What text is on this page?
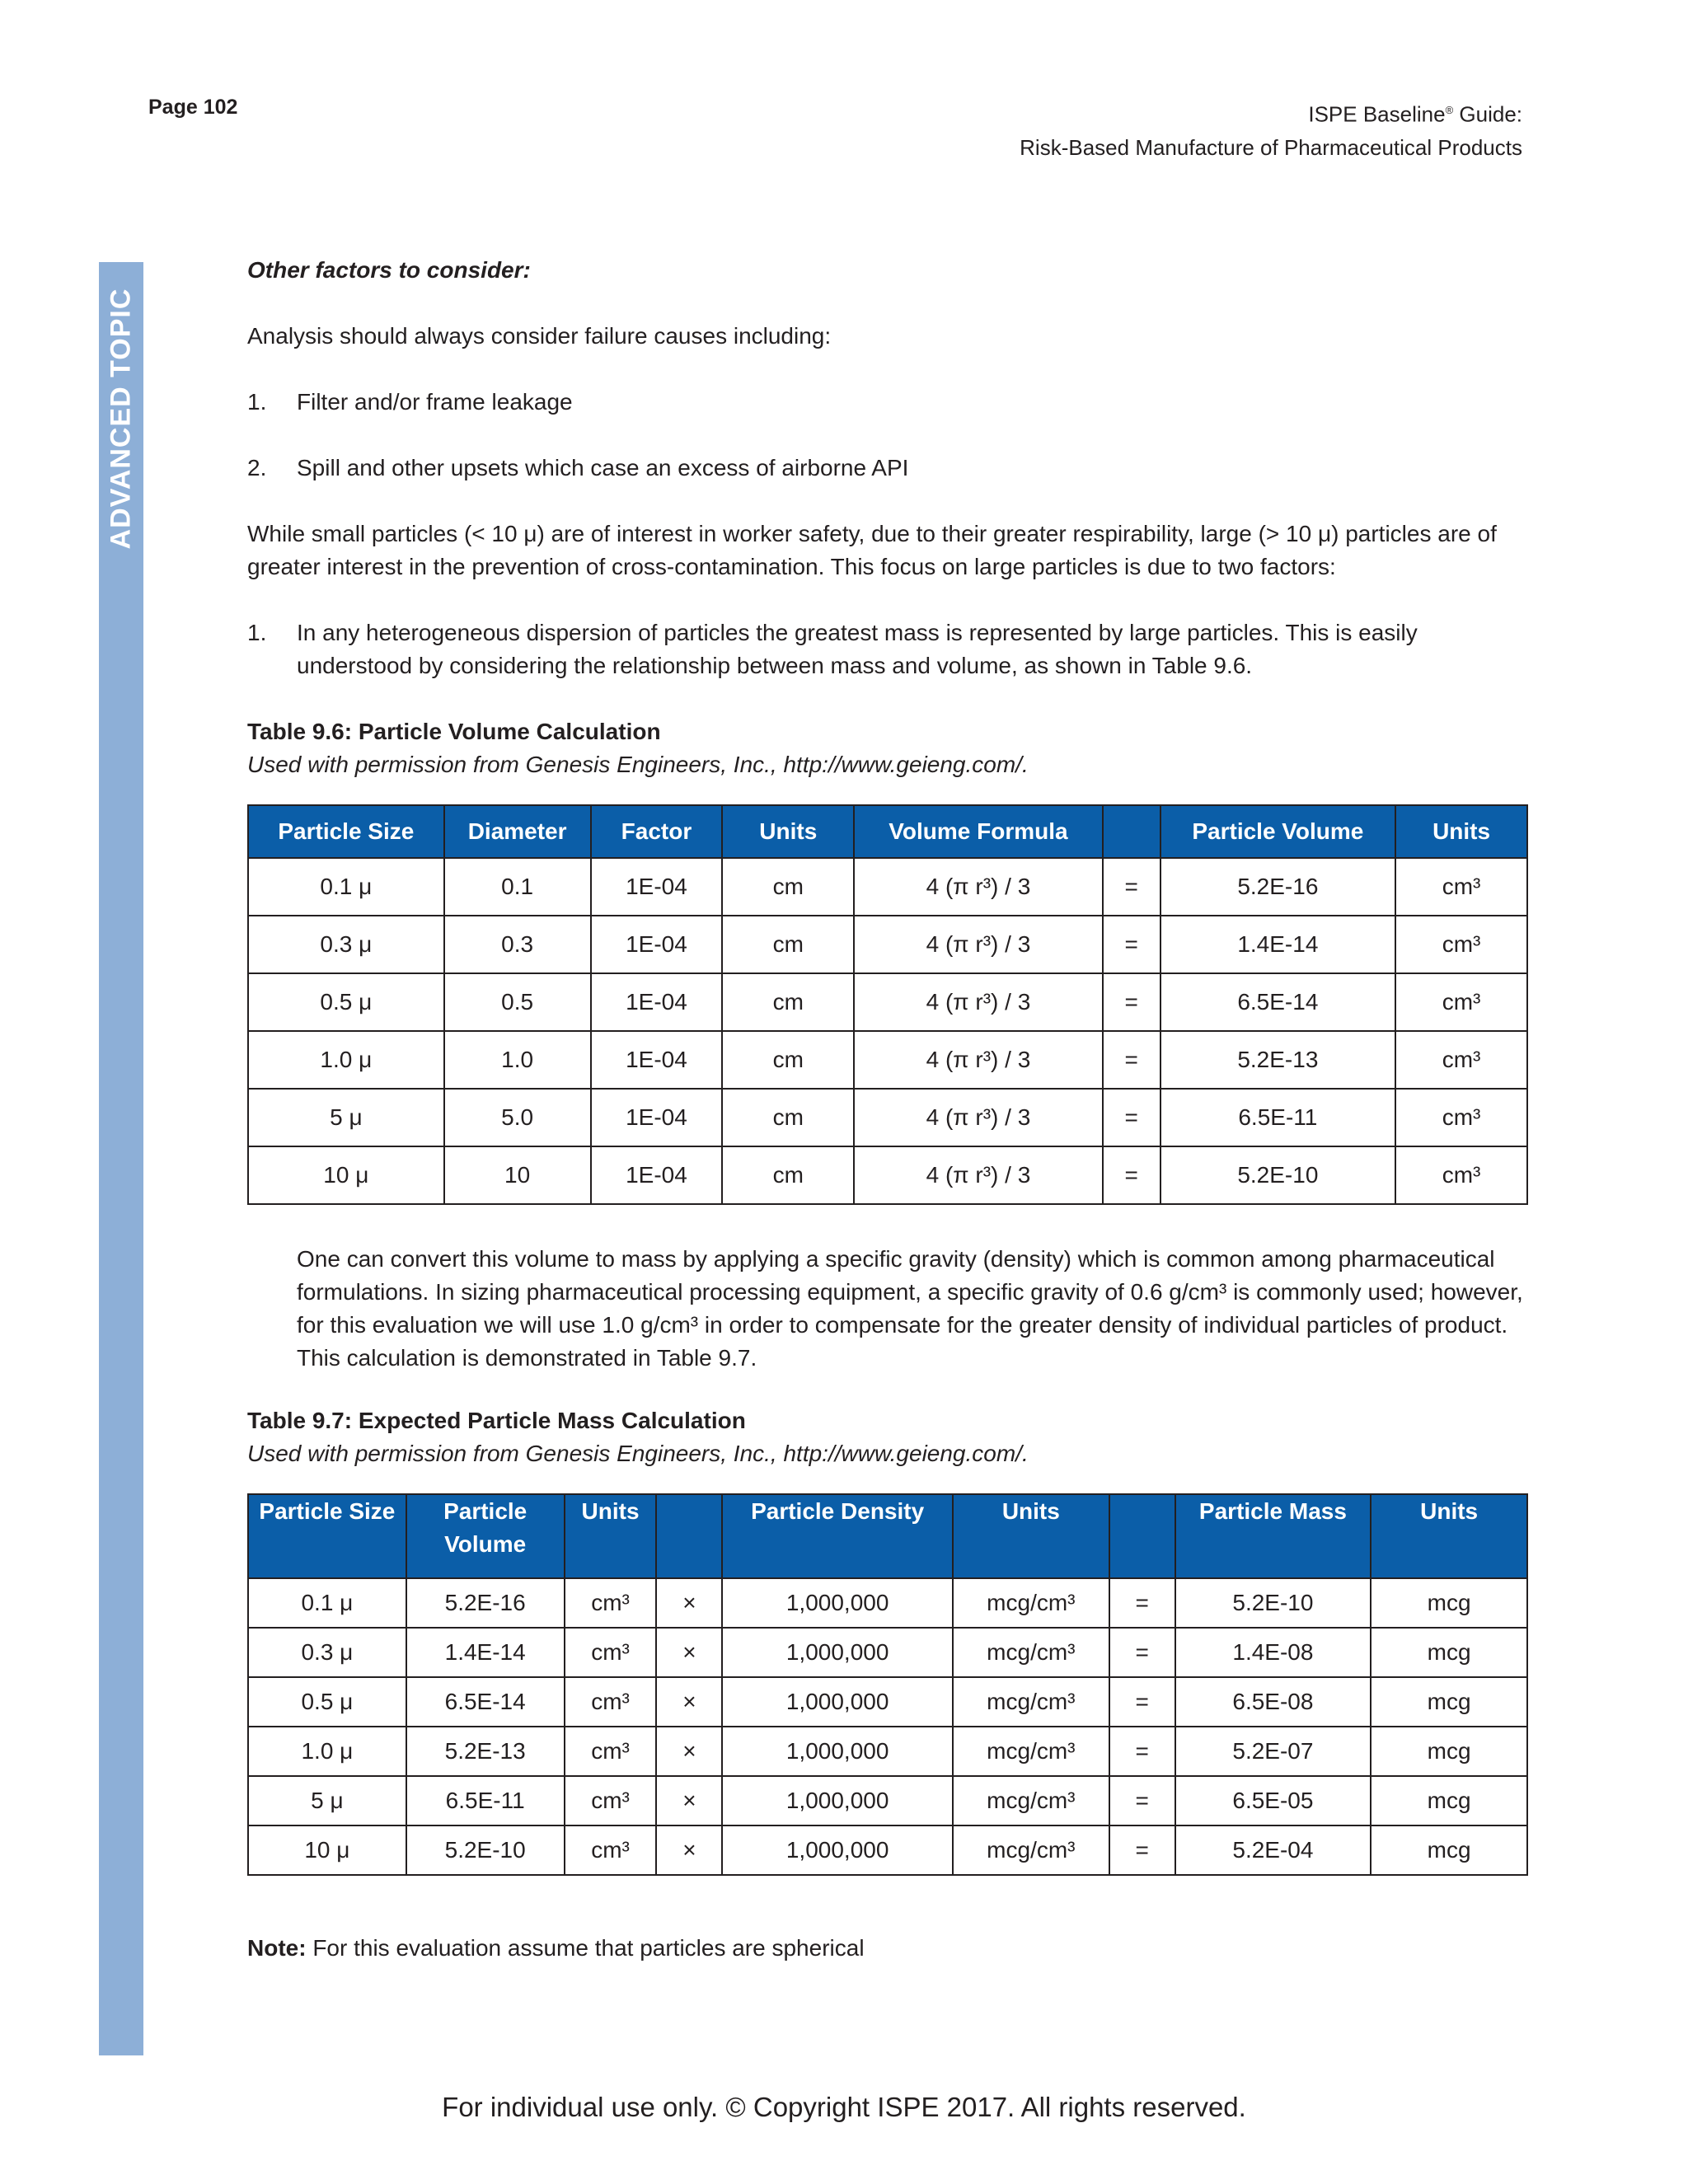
Page 102	ISPE Baseline® Guide:
Risk-Based Manufacture of Pharmaceutical Products
ADVANCED TOPIC
Other factors to consider:
Analysis should always consider failure causes including:
1. Filter and/or frame leakage
2. Spill and other upsets which case an excess of airborne API
While small particles (< 10 μ) are of interest in worker safety, due to their greater respirability, large (> 10 μ) particles are of greater interest in the prevention of cross-contamination. This focus on large particles is due to two factors:
1. In any heterogeneous dispersion of particles the greatest mass is represented by large particles. This is easily understood by considering the relationship between mass and volume, as shown in Table 9.6.
Table 9.6: Particle Volume Calculation
Used with permission from Genesis Engineers, Inc., http://www.geieng.com/.
Particle Size	Diameter	Factor	Units	Volume Formula		Particle Volume	Units
0.1 μ	0.1	1E-04	cm	4 (π r³) / 3	=	5.2E-16	cm³
0.3 μ	0.3	1E-04	cm	4 (π r³) / 3	=	1.4E-14	cm³
0.5 μ	0.5	1E-04	cm	4 (π r³) / 3	=	6.5E-14	cm³
1.0 μ	1.0	1E-04	cm	4 (π r³) / 3	=	5.2E-13	cm³
5 μ	5.0	1E-04	cm	4 (π r³) / 3	=	6.5E-11	cm³
10 μ	10	1E-04	cm	4 (π r³) / 3	=	5.2E-10	cm³
One can convert this volume to mass by applying a specific gravity (density) which is common among pharmaceutical formulations. In sizing pharmaceutical processing equipment, a specific gravity of 0.6 g/cm³ is commonly used; however, for this evaluation we will use 1.0 g/cm³ in order to compensate for the greater density of individual particles of product. This calculation is demonstrated in Table 9.7.
Table 9.7: Expected Particle Mass Calculation
Used with permission from Genesis Engineers, Inc., http://www.geieng.com/.
Particle Size	Particle Volume	Units		Particle Density	Units		Particle Mass	Units
0.1 μ	5.2E-16	cm³	×	1,000,000	mcg/cm³	=	5.2E-10	mcg
0.3 μ	1.4E-14	cm³	×	1,000,000	mcg/cm³	=	1.4E-08	mcg
0.5 μ	6.5E-14	cm³	×	1,000,000	mcg/cm³	=	6.5E-08	mcg
1.0 μ	5.2E-13	cm³	×	1,000,000	mcg/cm³	=	5.2E-07	mcg
5 μ	6.5E-11	cm³	×	1,000,000	mcg/cm³	=	6.5E-05	mcg
10 μ	5.2E-10	cm³	×	1,000,000	mcg/cm³	=	5.2E-04	mcg
Note: For this evaluation assume that particles are spherical
For individual use only. © Copyright ISPE 2017. All rights reserved.
